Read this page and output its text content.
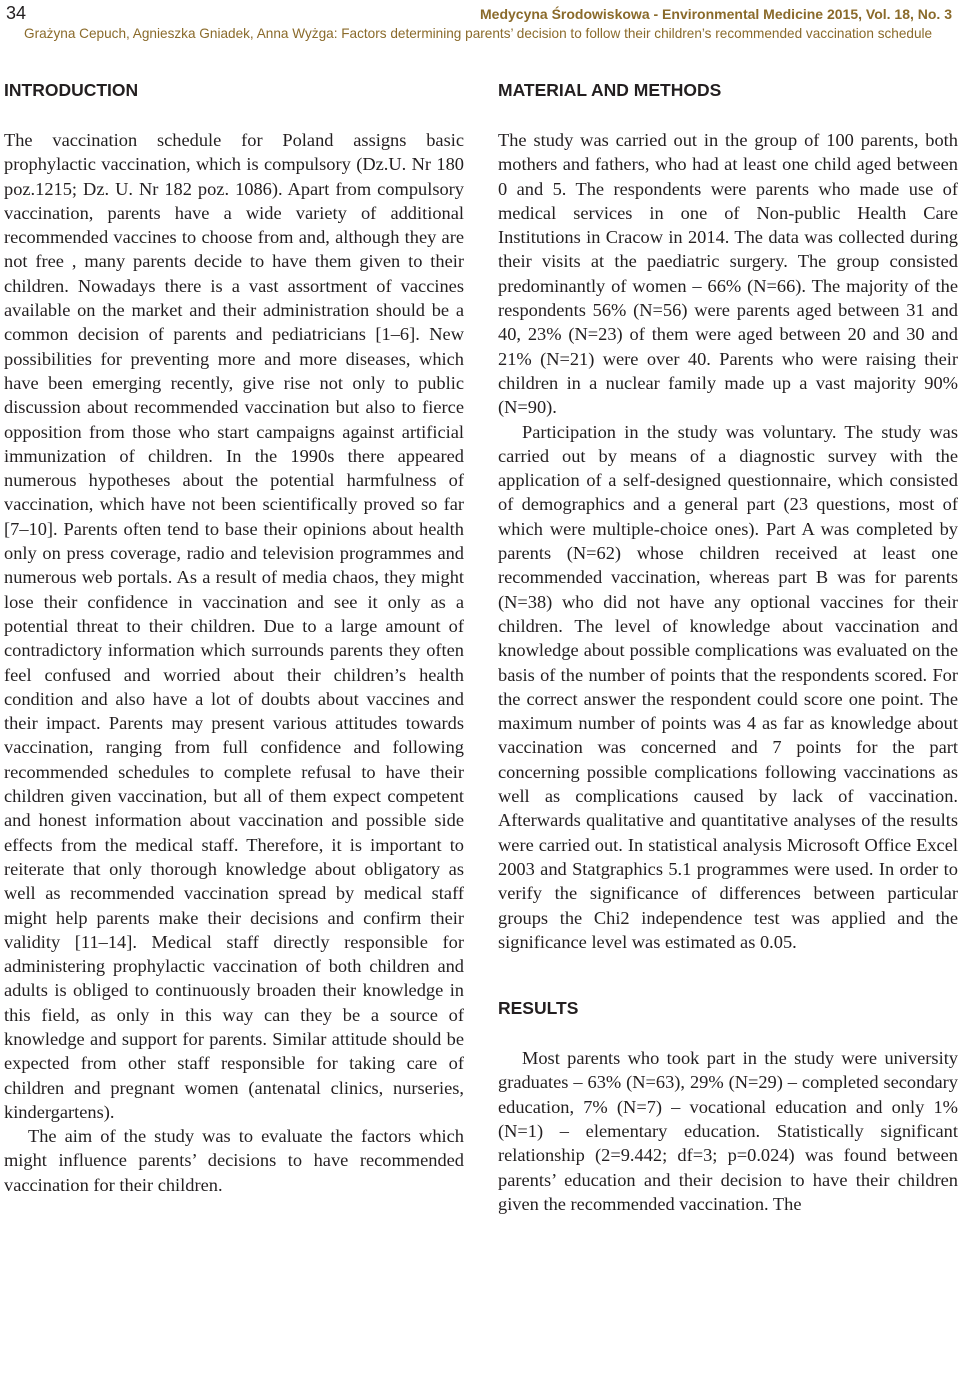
34	Medycyna Środowiskowa - Environmental Medicine 2015, Vol. 18, No. 3
Grażyna Cepuch, Agnieszka Gniadek, Anna Wyżga: Factors determining parents’ decision to follow their children’s recommended vaccination schedule
INTRODUCTION

The vaccination schedule for Poland assigns basic prophylactic vaccination, which is compulsory (Dz.U. Nr 180 poz.1215; Dz. U. Nr 182 poz. 1086). Apart from compulsory vaccination, parents have a wide variety of additional recommended vaccines to choose from and, although they are not free , many parents decide to have them given to their children. Nowadays there is a vast assortment of vaccines available on the market and their administration should be a common decision of parents and pediatricians [1–6]. New possibilities for preventing more and more diseases, which have been emerging recently, give rise not only to public discussion about recommended vaccination but also to fierce opposition from those who start campaigns against artificial immunization of children. In the 1990s there appeared numerous hypotheses about the potential harmfulness of vaccination, which have not been scientifically proved so far [7–10]. Parents often tend to base their opinions about health only on press coverage, radio and television programmes and numerous web portals. As a result of media chaos, they might lose their confidence in vaccination and see it only as a potential threat to their children. Due to a large amount of contradictory information which surrounds parents they often feel confused and worried about their children’s health condition and also have a lot of doubts about vaccines and their impact. Parents may present various attitudes towards vaccination, ranging from full confidence and following recommended schedules to complete refusal to have their children given vaccination, but all of them expect competent and honest information about vaccination and possible side effects from the medical staff. Therefore, it is important to reiterate that only thorough knowledge about obligatory as well as recommended vaccination spread by medical staff might help parents make their decisions and confirm their validity [11–14]. Medical staff directly responsible for administering prophylactic vaccination of both children and adults is obliged to continuously broaden their knowledge in this field, as only in this way can they be a source of knowledge and support for parents. Similar attitude should be expected from other staff responsible for taking care of children and pregnant women (antenatal clinics, nurseries, kindergartens).

The aim of the study was to evaluate the factors which might influence parents’ decisions to have recommended vaccination for their children.

MATERIAL AND METHODS

The study was carried out in the group of 100 parents, both mothers and fathers, who had at least one child aged between 0 and 5. The respondents were parents who made use of medical services in one of Non-public Health Care Institutions in Cracow in 2014. The data was collected during their visits at the paediatric surgery. The group consisted predominantly of women – 66% (N=66). The majority of the respondents 56% (N=56) were parents aged between 31 and 40, 23% (N=23) of them were aged between 20 and 30 and 21% (N=21) were over 40. Parents who were raising their children in a nuclear family made up a vast majority 90% (N=90).

Participation in the study was voluntary. The study was carried out by means of a diagnostic survey with the application of a self-designed questionnaire, which consisted of demographics and a general part (23 questions, most of which were multiple-choice ones). Part A was completed by parents (N=62) whose children received at least one recommended vaccination, whereas part B was for parents (N=38) who did not have any optional vaccines for their children. The level of knowledge about vaccination and knowledge about possible complications was evaluated on the basis of the number of points that the respondents scored. For the correct answer the respondent could score one point. The maximum number of points was 4 as far as knowledge about vaccination was concerned and 7 points for the part concerning possible complications following vaccinations as well as complications caused by lack of vaccination. Afterwards qualitative and quantitative analyses of the results were carried out. In statistical analysis Microsoft Office Excel 2003 and Statgraphics 5.1 programmes were used. In order to verify the significance of differences between particular groups the Chi2 independence test was applied and the significance level was estimated as 0.05.

RESULTS

Most parents who took part in the study were university graduates – 63% (N=63), 29% (N=29) – completed secondary education, 7% (N=7) – vocational education and only 1% (N=1) – elementary education. Statistically significant relationship (2=9.442; df=3; p=0.024) was found between parents’ education and their decision to have their children given the recommended vaccination. The
